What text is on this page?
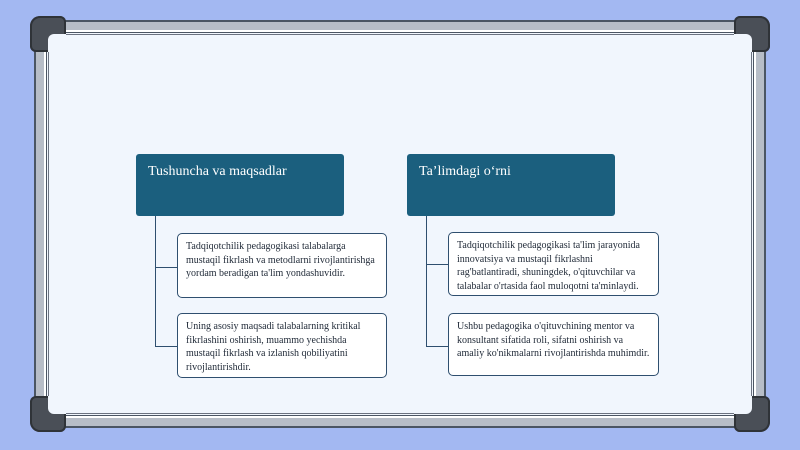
Tushuncha va maqsadlar
Tadqiqotchilik pedagogikasi talabalarga mustaqil fikrlash va metodlarni rivojlantirishga yordam beradigan ta'lim yondashuvidir.
Uning asosiy maqsadi talabalarning kritikal fikrlashini oshirish, muammo yechishda mustaqil fikrlash va izlanish qobiliyatini rivojlantirishdir.
Ta’limdagi o‘rni
Tadqiqotchilik pedagogikasi ta'lim jarayonida innovatsiya va mustaqil fikrlashni rag'batlantiradi, shuningdek, o'qituvchilar va talabalar o'rtasida faol muloqotni ta'minlaydi.
Ushbu pedagogika o'qituvchining mentor va konsultant sifatida roli, sifatni oshirish va amaliy ko'nikmalarni rivojlantirishda muhimdir.
